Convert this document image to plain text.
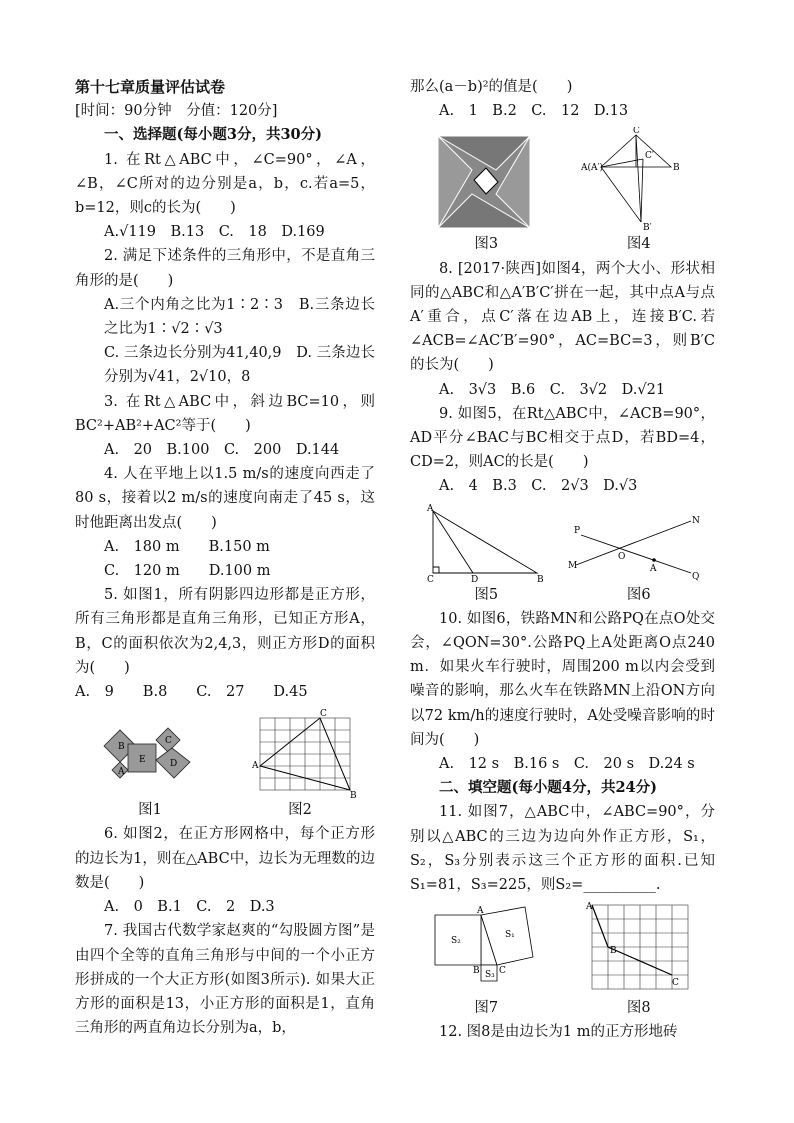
第十七章质量评估试卷

[时间：90分钟　分值：120分]

一、选择题(每小题3分，共30分)

1. 在Rt△ABC中，∠C=90°，∠A，∠B，∠C所对的边分别是a，b，c.若a=5，b=12，则c的长为(　　)

A.√119　B.13　C.　18　D.169

2. 满足下述条件的三角形中，不是直角三角形的是(　　)

A.三个内角之比为1∶2∶3　B.三条边长之比为1∶√2∶√3

C. 三条边长分别为41,40,9　D. 三条边长分别为√41，2√10，8

3. 在Rt△ABC中，斜边BC=10，则BC²+AB²+AC²等于(　　)

A.　20　B.100　C.　200　D.144

4. 人在平地上以1.5 m/s的速度向西走了80 s，接着以2 m/s的速度向南走了45 s，这时他距离出发点(　　)

A.　180 m　　B.150 m

C.　120 m　　D.100 m

5. 如图1，所有阴影四边形都是正方形，所有三角形都是直角三角形，已知正方形A，B，C的面积依次为2,4,3，则正方形D的面积为(　　)

A.　9　　B.8　　C.　27　　D.45

B
A
E
C
D	A
C
B
图1	图2

6. 如图2，在正方形网格中，每个正方形的边长为1，则在△ABC中，边长为无理数的边数是(　　)

A.　0　B.1　C.　2　D.3

7. 我国古代数学家赵爽的“勾股圆方图”是由四个全等的直角三角形与中间的一个小正方形拼成的一个大正方形(如图3所示). 如果大正方形的面积是13，小正方形的面积是1，直角三角形的两直角边长分别为a，b，

那么(a－b)²的值是(　　)

A.　1　B.2　C.　12　D.13

C
C′
A(A′)	B
B′
图3	图4

8. [2017·陕西]如图4，两个大小、形状相同的△ABC和△A′B′C′拼在一起，其中点A与点A′重合，点C′落在边AB上，连接B′C.若∠ACB=∠AC′B′=90°，AC=BC=3，则B′C的长为(　　)

A.　3√3　B.6　C.　3√2　D.√21

9. 如图5，在Rt△ABC中，∠ACB=90°，AD平分∠BAC与BC相交于点D，若BD=4，CD=2，则AC的长是(　　)

A.　4　B.3　C.　2√3　D.√3

A
C	D	B
M
N
P
Q
O
A
图5	图6

10. 如图6，铁路MN和公路PQ在点O处交会，∠QON=30°.公路PQ上A处距离O点240 m．如果火车行驶时，周围200 m以内会受到噪音的影响，那么火车在铁路MN上沿ON方向以72 km/h的速度行驶时，A处受噪音影响的时间为(　　)

A.　12 s　B.16 s　C.　20 s　D.24 s

二、填空题(每小题4分，共24分)

11. 如图7，△ABC中，∠ABC=90°，分别以△ABC的三边为边向外作正方形，S₁，S₂，S₃分别表示这三个正方形的面积.已知S₁=81，S₃=225，则S₂=__________.

S₂
S₃
S₁
A
B C
A
B
C
图7	图8

12. 图8是由边长为1 m的正方形地砖
